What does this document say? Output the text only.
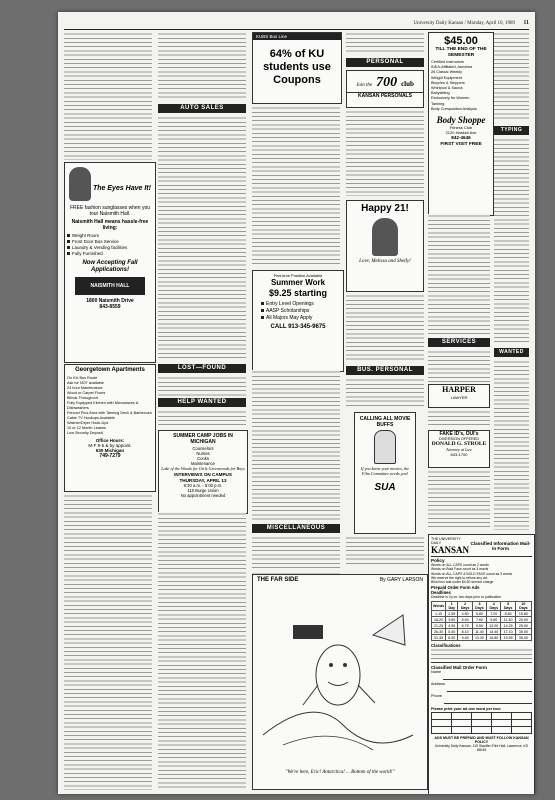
University Daily Kansan / Monday, April 10, 1989 11
The Eyes Have It!
FREE fashion sunglasses when you tour Naismith Hall.
Naismith Hall means hassle-free living:
Weight Room
Front Door Bus Service
Laundry & Vending facilities
Fully Furnished
Now Accepting Fall Applications!
NAISMITH HALL
1800 Naismith Drive
843-8559
Georgetown Apartments
On KU Bus Route
Ask for NOT available
24 hour Maintenance
Wood or Carpet Floors
Blinds Throughout
Fully Equipped Kitchen with Microwaves & Dishwashers
Fenced Pool Area with Tanning Deck & Barbecues
Cable TV Hookups Available
Washer/Dryer Hook-Ups
10 or 12 Month Leases
Low Security Deposit
Office Hours:
M-F 9-5 & by appoint.
630 Michigan
749-7279
AUTO SALES
LOST—FOUND
HELP WANTED
SUMMER CAMP JOBS IN MICHIGAN
Counselors
Nurses
Cooks
Maintenance
Lake of the Woods for Girls Greenwoods for Boys
INTERVIEWS ON CAMPUS THURSDAY, APRIL 13
9:30 a.m. - 5:00 p.m.
110 Burge Union
No appointment needed
KUBS Bus Line
64% of KU students use Coupons
Part-time Position Available
Summer Work
$9.25 starting
Entry Level Openings
AASP Scholarships
All Majors May Apply
CALL 913-345-9675
MISCELLANEOUS
PERSONAL
Join the 700 club
KANSAN PERSONALS
Happy 21!
Love, Melissa and Shelly!
BUS. PERSONAL
CALLING ALL MOVIE BUFFS
If you know your movies, the Film Committee needs you!
SUA
THE FAR SIDE	By GARY LARSON
"We're here, Eric! Antarctica! ... Bottom of the world!"
$45.00
TILL THE END OF THE SEMESTER
Certified Instructors
IDEA-Affiliated, Aerobics
26 Classic Weekly
Weight Equipment
Bicycles & Steppers
Whirlpool & Sauna
Babysitting
Exclusively for Women
Tanning
Body Composition Analysis
Body Shoppe
Fitness Club
2120 Haskell Ave
842-4646
FIRST VISIT FREE
SERVICES
HARPER
LAWYER
FAKE ID's, DUI's
DIVERSION OFFERED
DONALD G. STROLE
Attorney at Law
843-1700
TYPING
WANTED
THE UNIVERSITY DAILY
KANSAN
Classified Information Mail-In Form
Policy
Words on ALL CAPS count as 2 words
Words on Bold Face count as 3 words
Words on ALL CAPS & BOLD FACE count as 3 words
We reserve the right to refuse any ad.
Blind box ads under $4.50 service charge
Prepaid Order Form Ads
Deadlines
Deadline is 4 p.m. two days prior to publication
Words	1 Day	2 Days	3 Days	4 Days	5 Days	10 Days
1-15	2.55	4.50	5.80	7.20	8.60	15.80
16-20	3.60	5.40	7.60	9.60	11.40	20.00
21-25	4.50	6.75	9.50	12.00	14.25	25.00
26-30	5.40	8.10	11.40	14.40	17.10	30.00
31-35	6.30	9.45	13.30	16.80	19.95	35.00
Classifications
Classified Mail Order Form
Name
Address
Phone
Please print your ad one word per box:
ADS MUST BE PREPAID AND MUST FOLLOW KANSAN POLICY
University Daily Kansan, 119 Stauffer-Flint Hall, Lawrence, KS 66045
